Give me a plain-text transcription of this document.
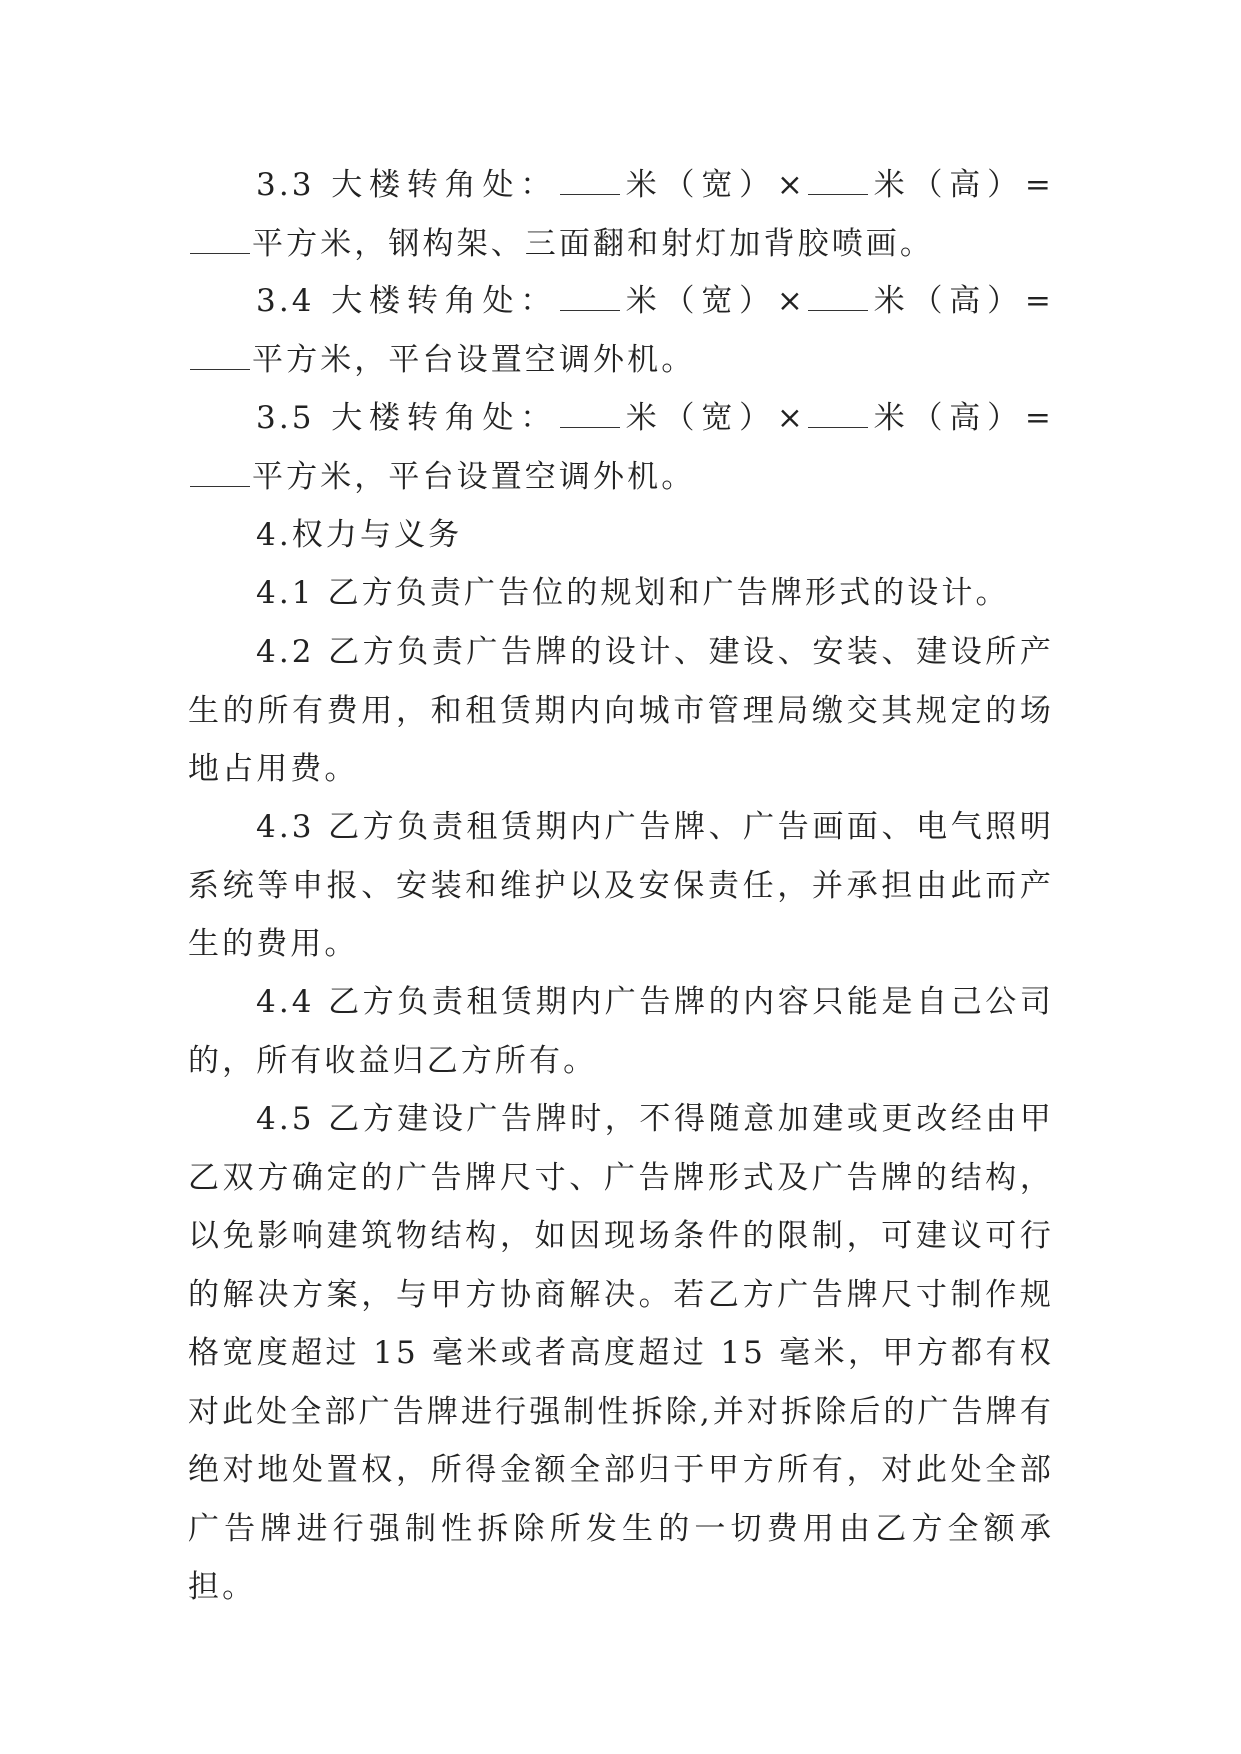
3.3 大楼转角处： 米（宽）× 米（高）=平方米，钢构架、三面翻和射灯加背胶喷画。

3.4 大楼转角处： 米（宽）× 米（高）=平方米，平台设置空调外机。

3.5 大楼转角处： 米（宽）× 米（高）=平方米，平台设置空调外机。

4.权力与义务

4.1 乙方负责广告位的规划和广告牌形式的设计。

4.2 乙方负责广告牌的设计、建设、安装、建设所产生的所有费用，和租赁期内向城市管理局缴交其规定的场地占用费。

4.3 乙方负责租赁期内广告牌、广告画面、电气照明系统等申报、安装和维护以及安保责任，并承担由此而产生的费用。

4.4 乙方负责租赁期内广告牌的内容只能是自己公司的，所有收益归乙方所有。

4.5 乙方建设广告牌时，不得随意加建或更改经由甲乙双方确定的广告牌尺寸、广告牌形式及广告牌的结构，以免影响建筑物结构，如因现场条件的限制，可建议可行的解决方案，与甲方协商解决。若乙方广告牌尺寸制作规格宽度超过 15 毫米或者高度超过 15 毫米，甲方都有权对此处全部广告牌进行强制性拆除,并对拆除后的广告牌有绝对地处置权，所得金额全部归于甲方所有，对此处全部广告牌进行强制性拆除所发生的一切费用由乙方全额承担。
